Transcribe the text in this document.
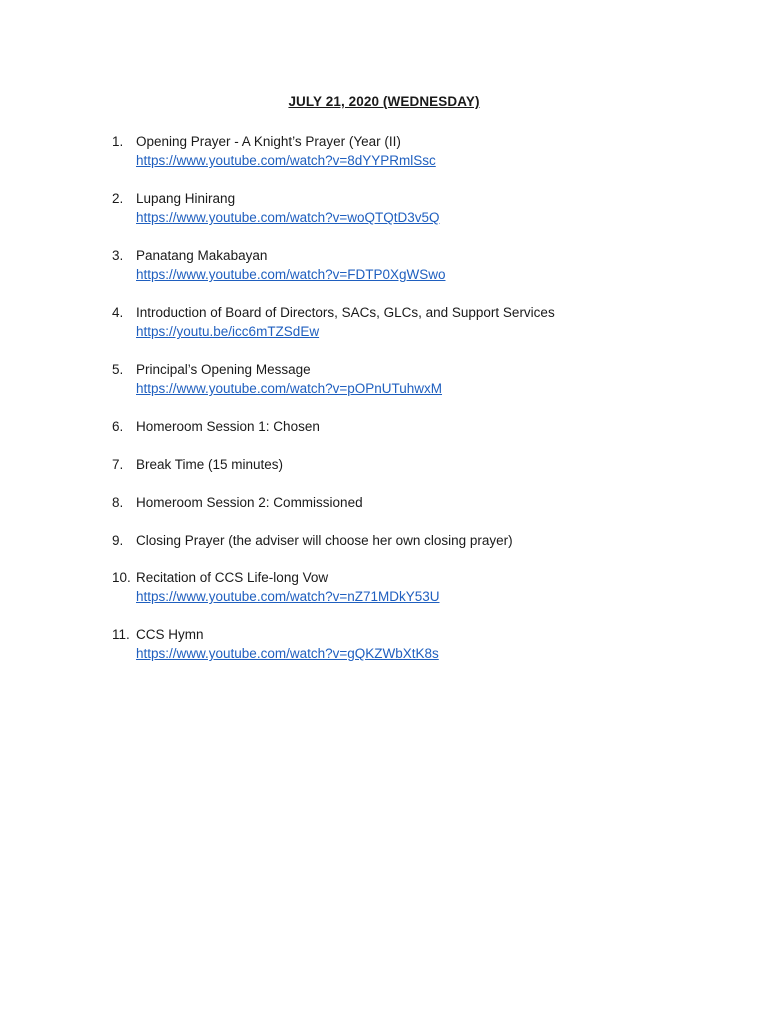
JULY 21, 2020 (WEDNESDAY)
1. Opening Prayer - A Knight’s Prayer (Year (II)
https://www.youtube.com/watch?v=8dYYPRmlSsc
2. Lupang Hinirang
https://www.youtube.com/watch?v=woQTQtD3v5Q
3. Panatang Makabayan
https://www.youtube.com/watch?v=FDTP0XgWSwo
4. Introduction of Board of Directors, SACs, GLCs, and Support Services
https://youtu.be/icc6mTZSdEw
5. Principal’s Opening Message
https://www.youtube.com/watch?v=pOPnUTuhwxM
6. Homeroom Session 1: Chosen
7. Break Time (15 minutes)
8. Homeroom Session 2: Commissioned
9. Closing Prayer (the adviser will choose her own closing prayer)
10. Recitation of CCS Life-long Vow
https://www.youtube.com/watch?v=nZ71MDkY53U
11. CCS Hymn
https://www.youtube.com/watch?v=gQKZWbXtK8s
